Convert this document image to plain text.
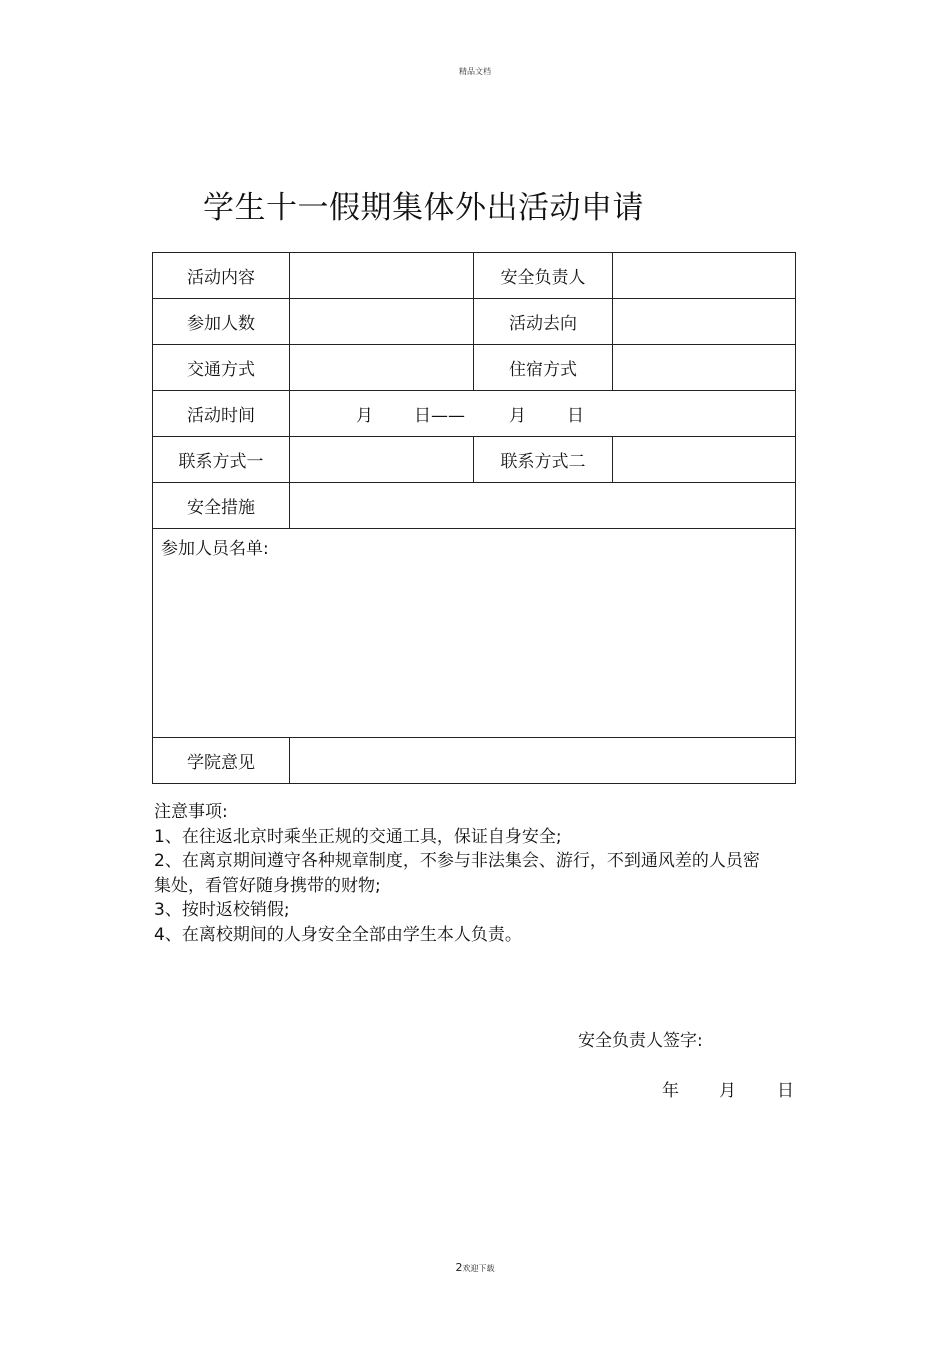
精品文档
学生十一假期集体外出活动申请
活动内容		安全负责人	
参加人数		活动去向	
交通方式		住宿方式	
活动时间	月 日—— 月 日		
联系方式一		联系方式二	
安全措施			
参加人员名单:			
学院意见			
注意事项:
1、在往返北京时乘坐正规的交通工具，保证自身安全;
2、在离京期间遵守各种规章制度，不参与非法集会、游行，不到通风差的人员密
集处，看管好随身携带的财物;
3、按时返校销假;
4、在离校期间的人身安全全部由学生本人负责。
安全负责人签字:
年 月 日
2欢迎下载
